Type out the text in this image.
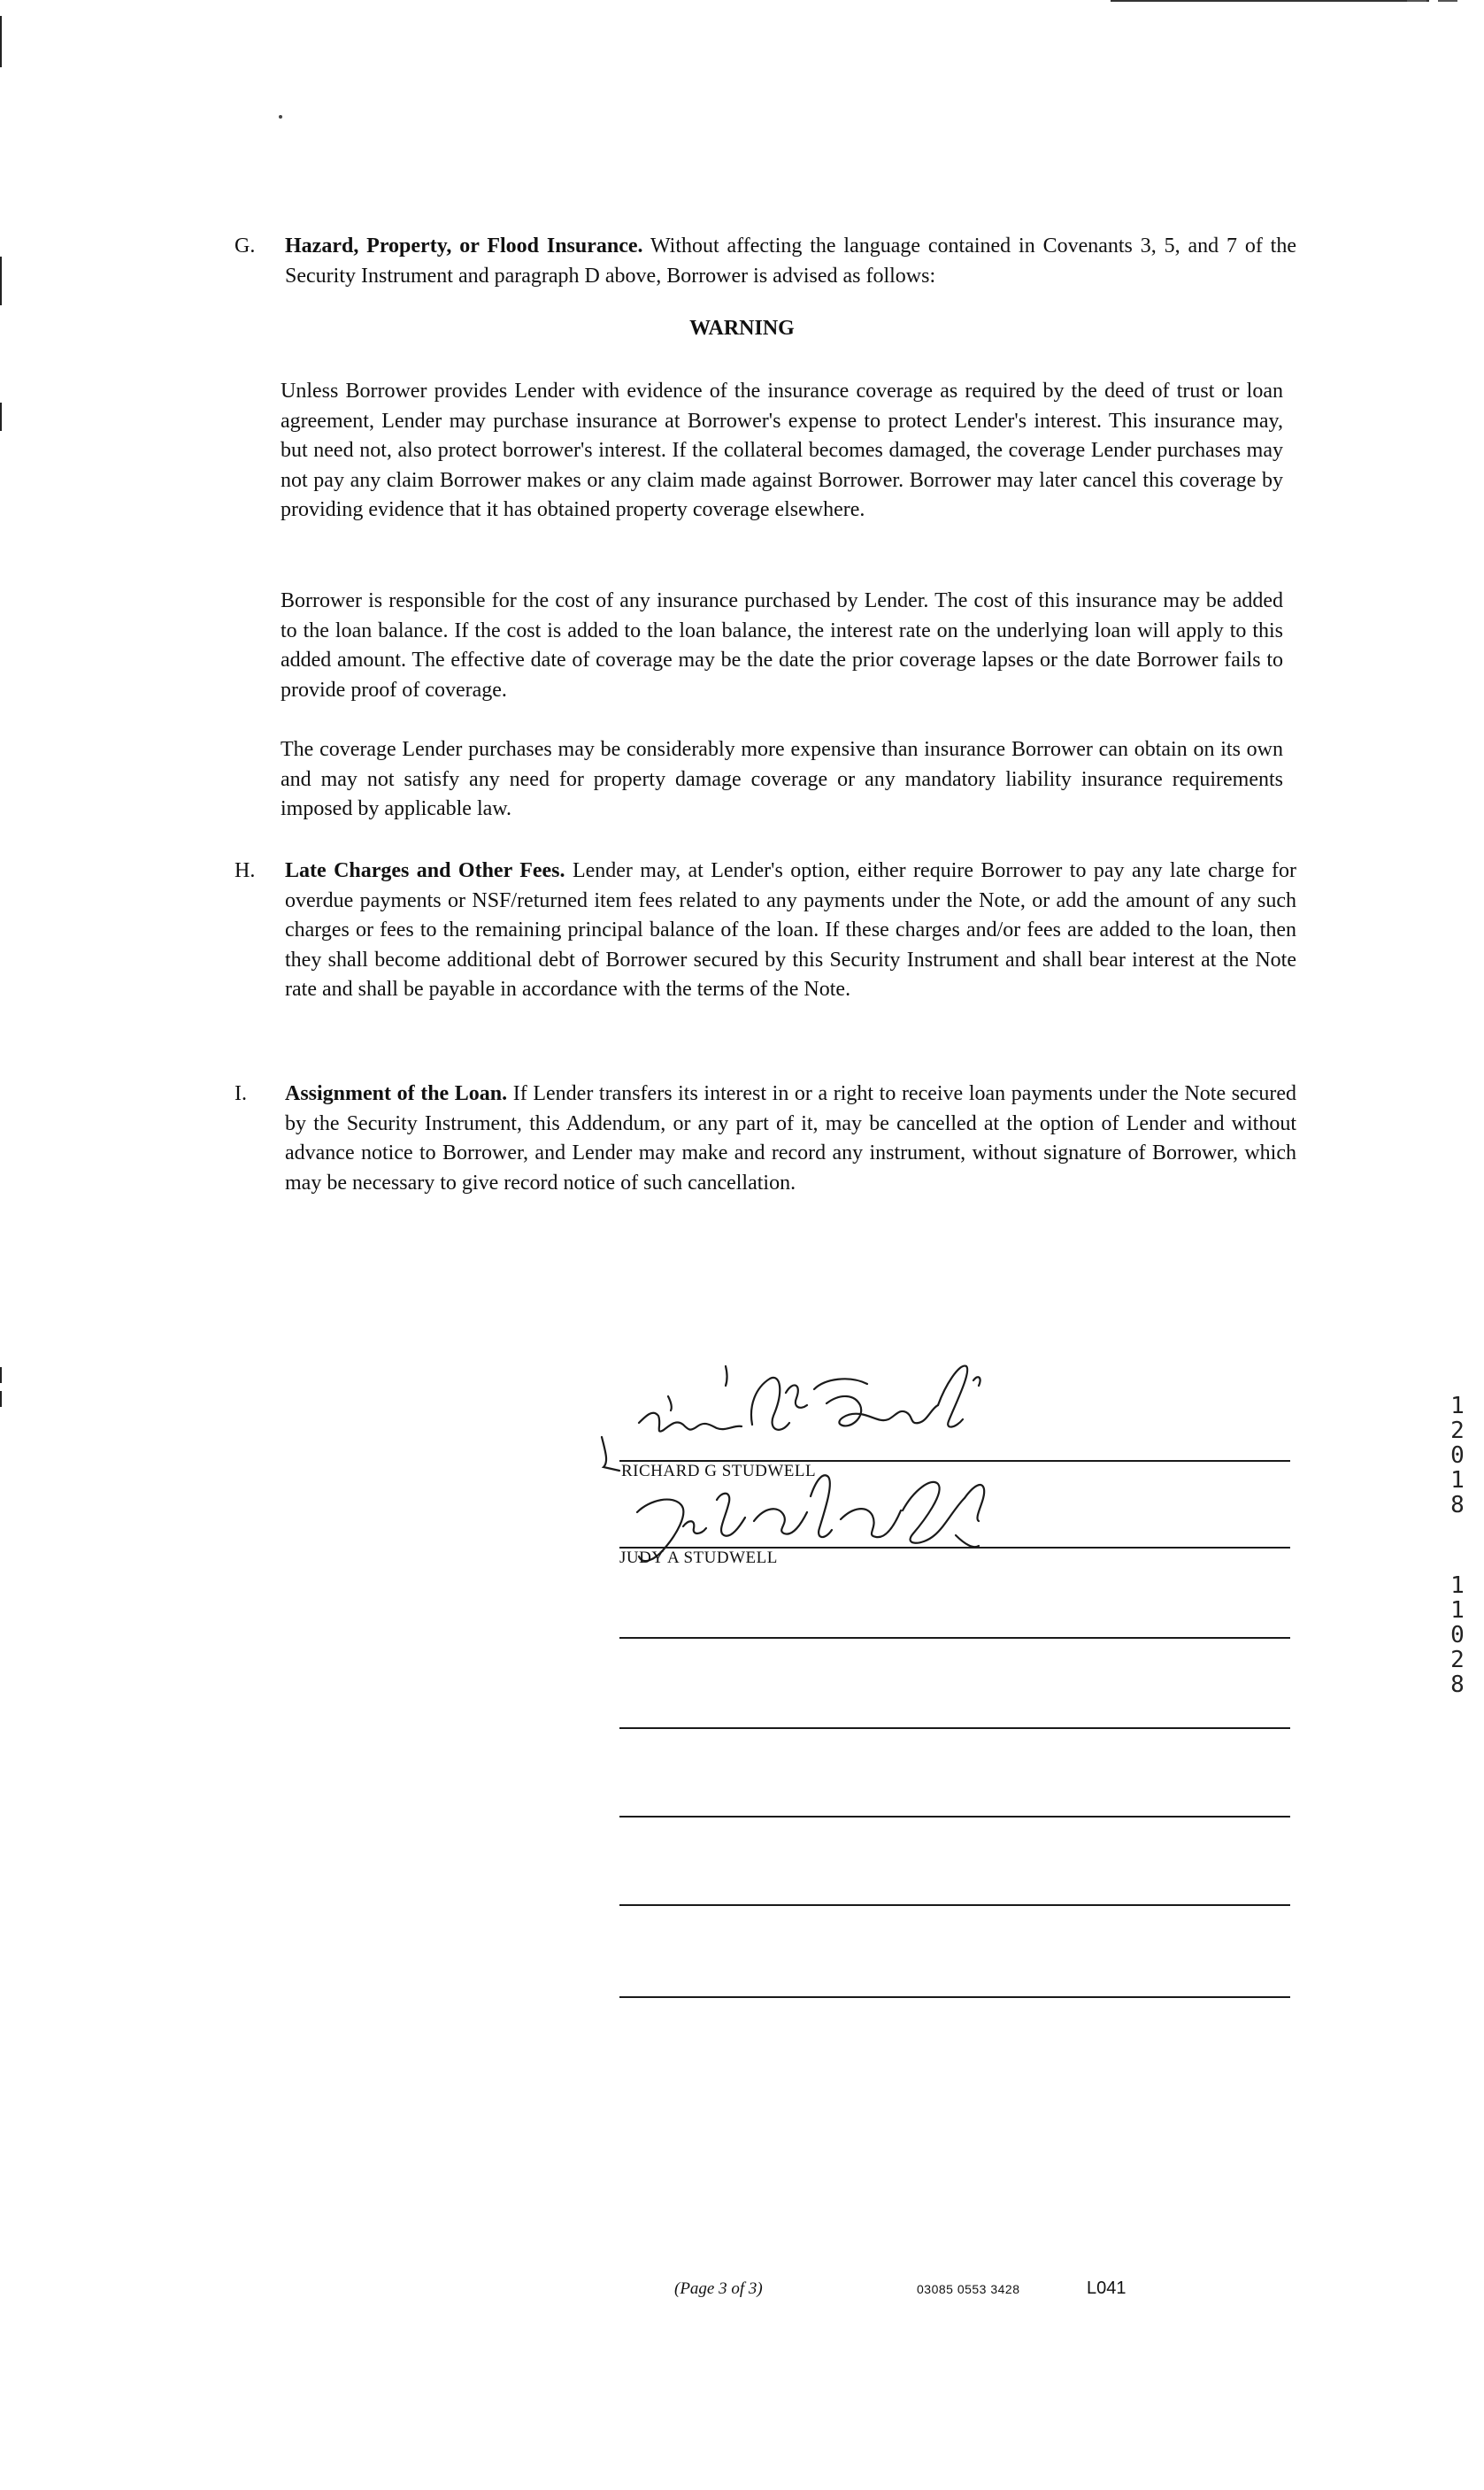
G.	Hazard, Property, or Flood Insurance. Without affecting the language contained in Covenants 3, 5, and 7 of the Security Instrument and paragraph D above, Borrower is advised as follows:
WARNING
Unless Borrower provides Lender with evidence of the insurance coverage as required by the deed of trust or loan agreement, Lender may purchase insurance at Borrower's expense to protect Lender's interest. This insurance may, but need not, also protect borrower's interest. If the collateral becomes damaged, the coverage Lender purchases may not pay any claim Borrower makes or any claim made against Borrower. Borrower may later cancel this coverage by providing evidence that it has obtained property coverage elsewhere.
Borrower is responsible for the cost of any insurance purchased by Lender. The cost of this insurance may be added to the loan balance. If the cost is added to the loan balance, the interest rate on the underlying loan will apply to this added amount. The effective date of coverage may be the date the prior coverage lapses or the date Borrower fails to provide proof of coverage.
The coverage Lender purchases may be considerably more expensive than insurance Borrower can obtain on its own and may not satisfy any need for property damage coverage or any mandatory liability insurance requirements imposed by applicable law.
H.	Late Charges and Other Fees. Lender may, at Lender's option, either require Borrower to pay any late charge for overdue payments or NSF/returned item fees related to any payments under the Note, or add the amount of any such charges or fees to the remaining principal balance of the loan. If these charges and/or fees are added to the loan, then they shall become additional debt of Borrower secured by this Security Instrument and shall bear interest at the Note rate and shall be payable in accordance with the terms of the Note.
I.	Assignment of the Loan. If Lender transfers its interest in or a right to receive loan payments under the Note secured by the Security Instrument, this Addendum, or any part of it, may be cancelled at the option of Lender and without advance notice to Borrower, and Lender may make and record any instrument, without signature of Borrower, which may be necessary to give record notice of such cancellation.
RICHARD G STUDWELL
JUDY A STUDWELL
1
2
0
1
8
1
1
0
2
8
(Page 3 of 3)	03085 0553 3428	L041
